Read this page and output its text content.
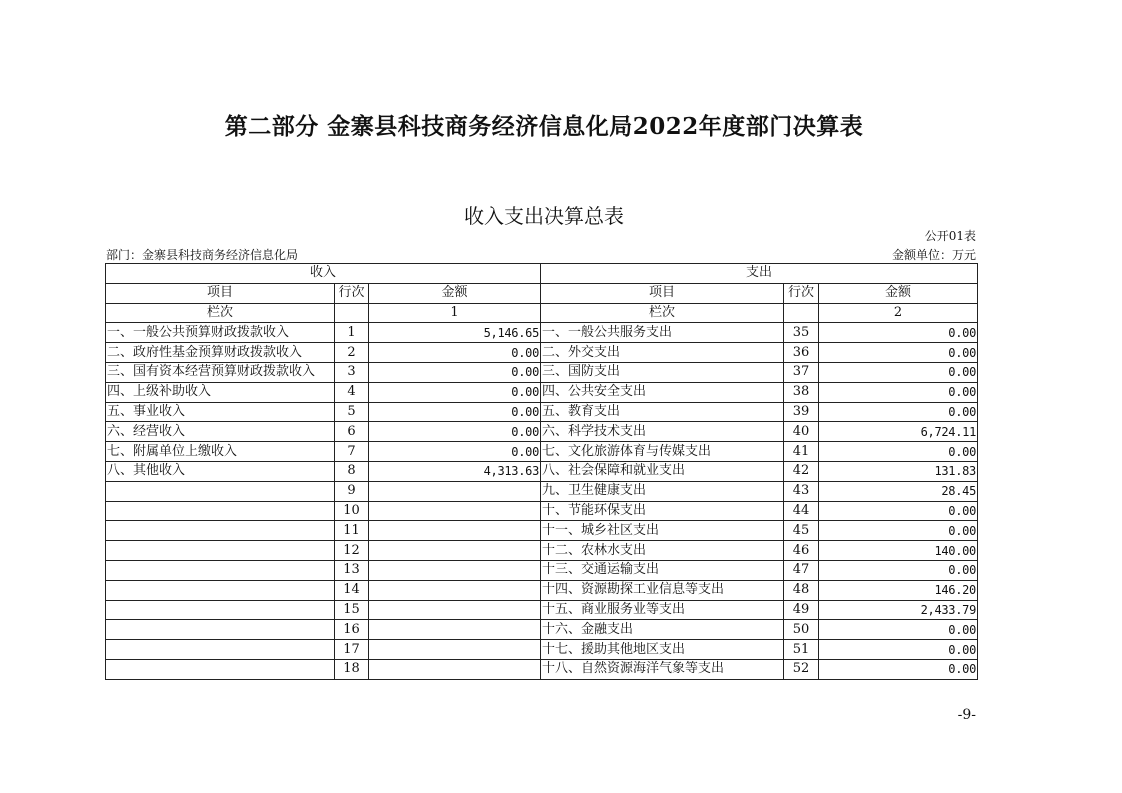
第二部分 金寨县科技商务经济信息化局2022年度部门决算表
收入支出决算总表
公开01表
部门：金寨县科技商务经济信息化局	金额单位：万元
收入			支出		
项目	行次	金额	项目	行次	金额
栏次		1	栏次		2
一、一般公共预算财政拨款收入	1	5,146.65	一、一般公共服务支出	35	0.00
二、政府性基金预算财政拨款收入	2	0.00	二、外交支出	36	0.00
三、国有资本经营预算财政拨款收入	3	0.00	三、国防支出	37	0.00
四、上级补助收入	4	0.00	四、公共安全支出	38	0.00
五、事业收入	5	0.00	五、教育支出	39	0.00
六、经营收入	6	0.00	六、科学技术支出	40	6,724.11
七、附属单位上缴收入	7	0.00	七、文化旅游体育与传媒支出	41	0.00
八、其他收入	8	4,313.63	八、社会保障和就业支出	42	131.83
	9		九、卫生健康支出	43	28.45
	10		十、节能环保支出	44	0.00
	11		十一、城乡社区支出	45	0.00
	12		十二、农林水支出	46	140.00
	13		十三、交通运输支出	47	0.00
	14		十四、资源勘探工业信息等支出	48	146.20
	15		十五、商业服务业等支出	49	2,433.79
	16		十六、金融支出	50	0.00
	17		十七、援助其他地区支出	51	0.00
	18		十八、自然资源海洋气象等支出	52	0.00
-9-
